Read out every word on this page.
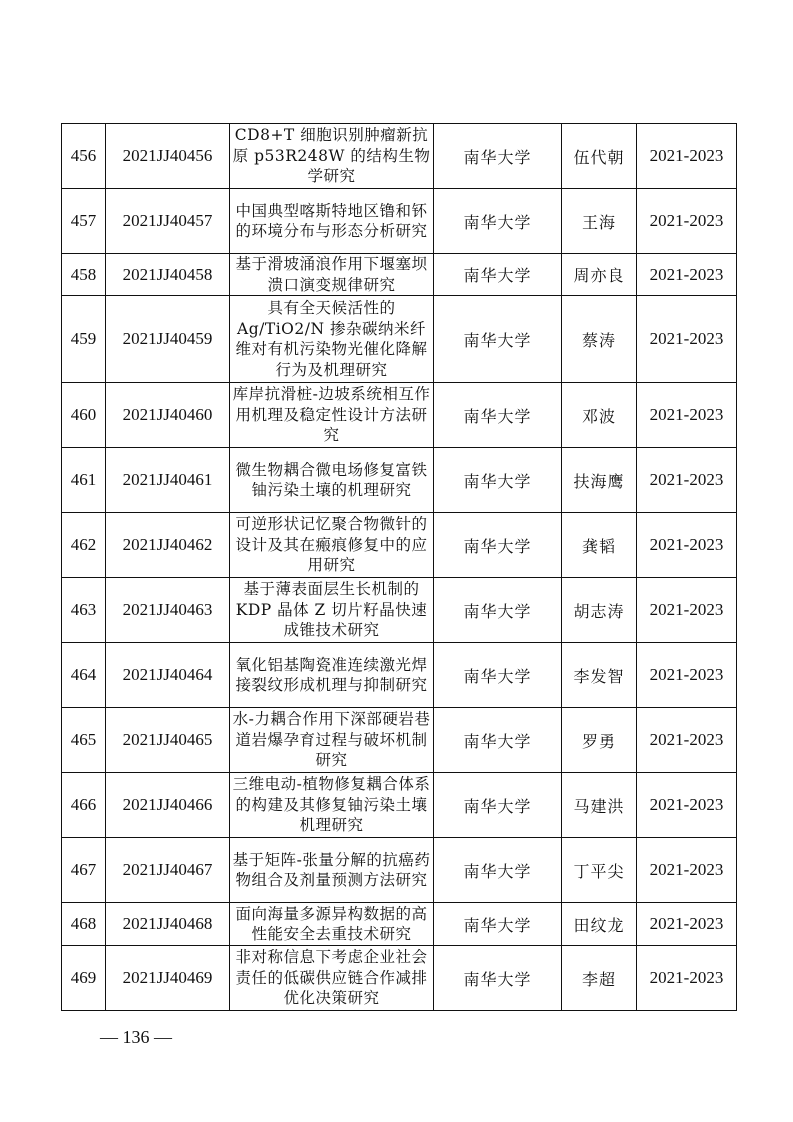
456	2021JJ40456	CD8+T 细胞识别肿瘤新抗原 p53R248W 的结构生物学研究	南华大学	伍代朝	2021-2023
457	2021JJ40457	中国典型喀斯特地区镥和钚的环境分布与形态分析研究	南华大学	王海	2021-2023
458	2021JJ40458	基于滑坡涌浪作用下堰塞坝溃口演变规律研究	南华大学	周亦良	2021-2023
459	2021JJ40459	具有全天候活性的 Ag/TiO2/N 掺杂碳纳米纤维对有机污染物光催化降解行为及机理研究	南华大学	蔡涛	2021-2023
460	2021JJ40460	库岸抗滑桩-边坡系统相互作用机理及稳定性设计方法研究	南华大学	邓波	2021-2023
461	2021JJ40461	微生物耦合微电场修复富铁铀污染土壤的机理研究	南华大学	扶海鹰	2021-2023
462	2021JJ40462	可逆形状记忆聚合物微针的设计及其在瘢痕修复中的应用研究	南华大学	龚韬	2021-2023
463	2021JJ40463	基于薄表面层生长机制的 KDP 晶体 Z 切片籽晶快速成锥技术研究	南华大学	胡志涛	2021-2023
464	2021JJ40464	氧化铝基陶瓷准连续激光焊接裂纹形成机理与抑制研究	南华大学	李发智	2021-2023
465	2021JJ40465	水-力耦合作用下深部硬岩巷道岩爆孕育过程与破坏机制研究	南华大学	罗勇	2021-2023
466	2021JJ40466	三维电动-植物修复耦合体系的构建及其修复铀污染土壤机理研究	南华大学	马建洪	2021-2023
467	2021JJ40467	基于矩阵-张量分解的抗癌药物组合及剂量预测方法研究	南华大学	丁平尖	2021-2023
468	2021JJ40468	面向海量多源异构数据的高性能安全去重技术研究	南华大学	田纹龙	2021-2023
469	2021JJ40469	非对称信息下考虑企业社会责任的低碳供应链合作减排优化决策研究	南华大学	李超	2021-2023
— 136 —
